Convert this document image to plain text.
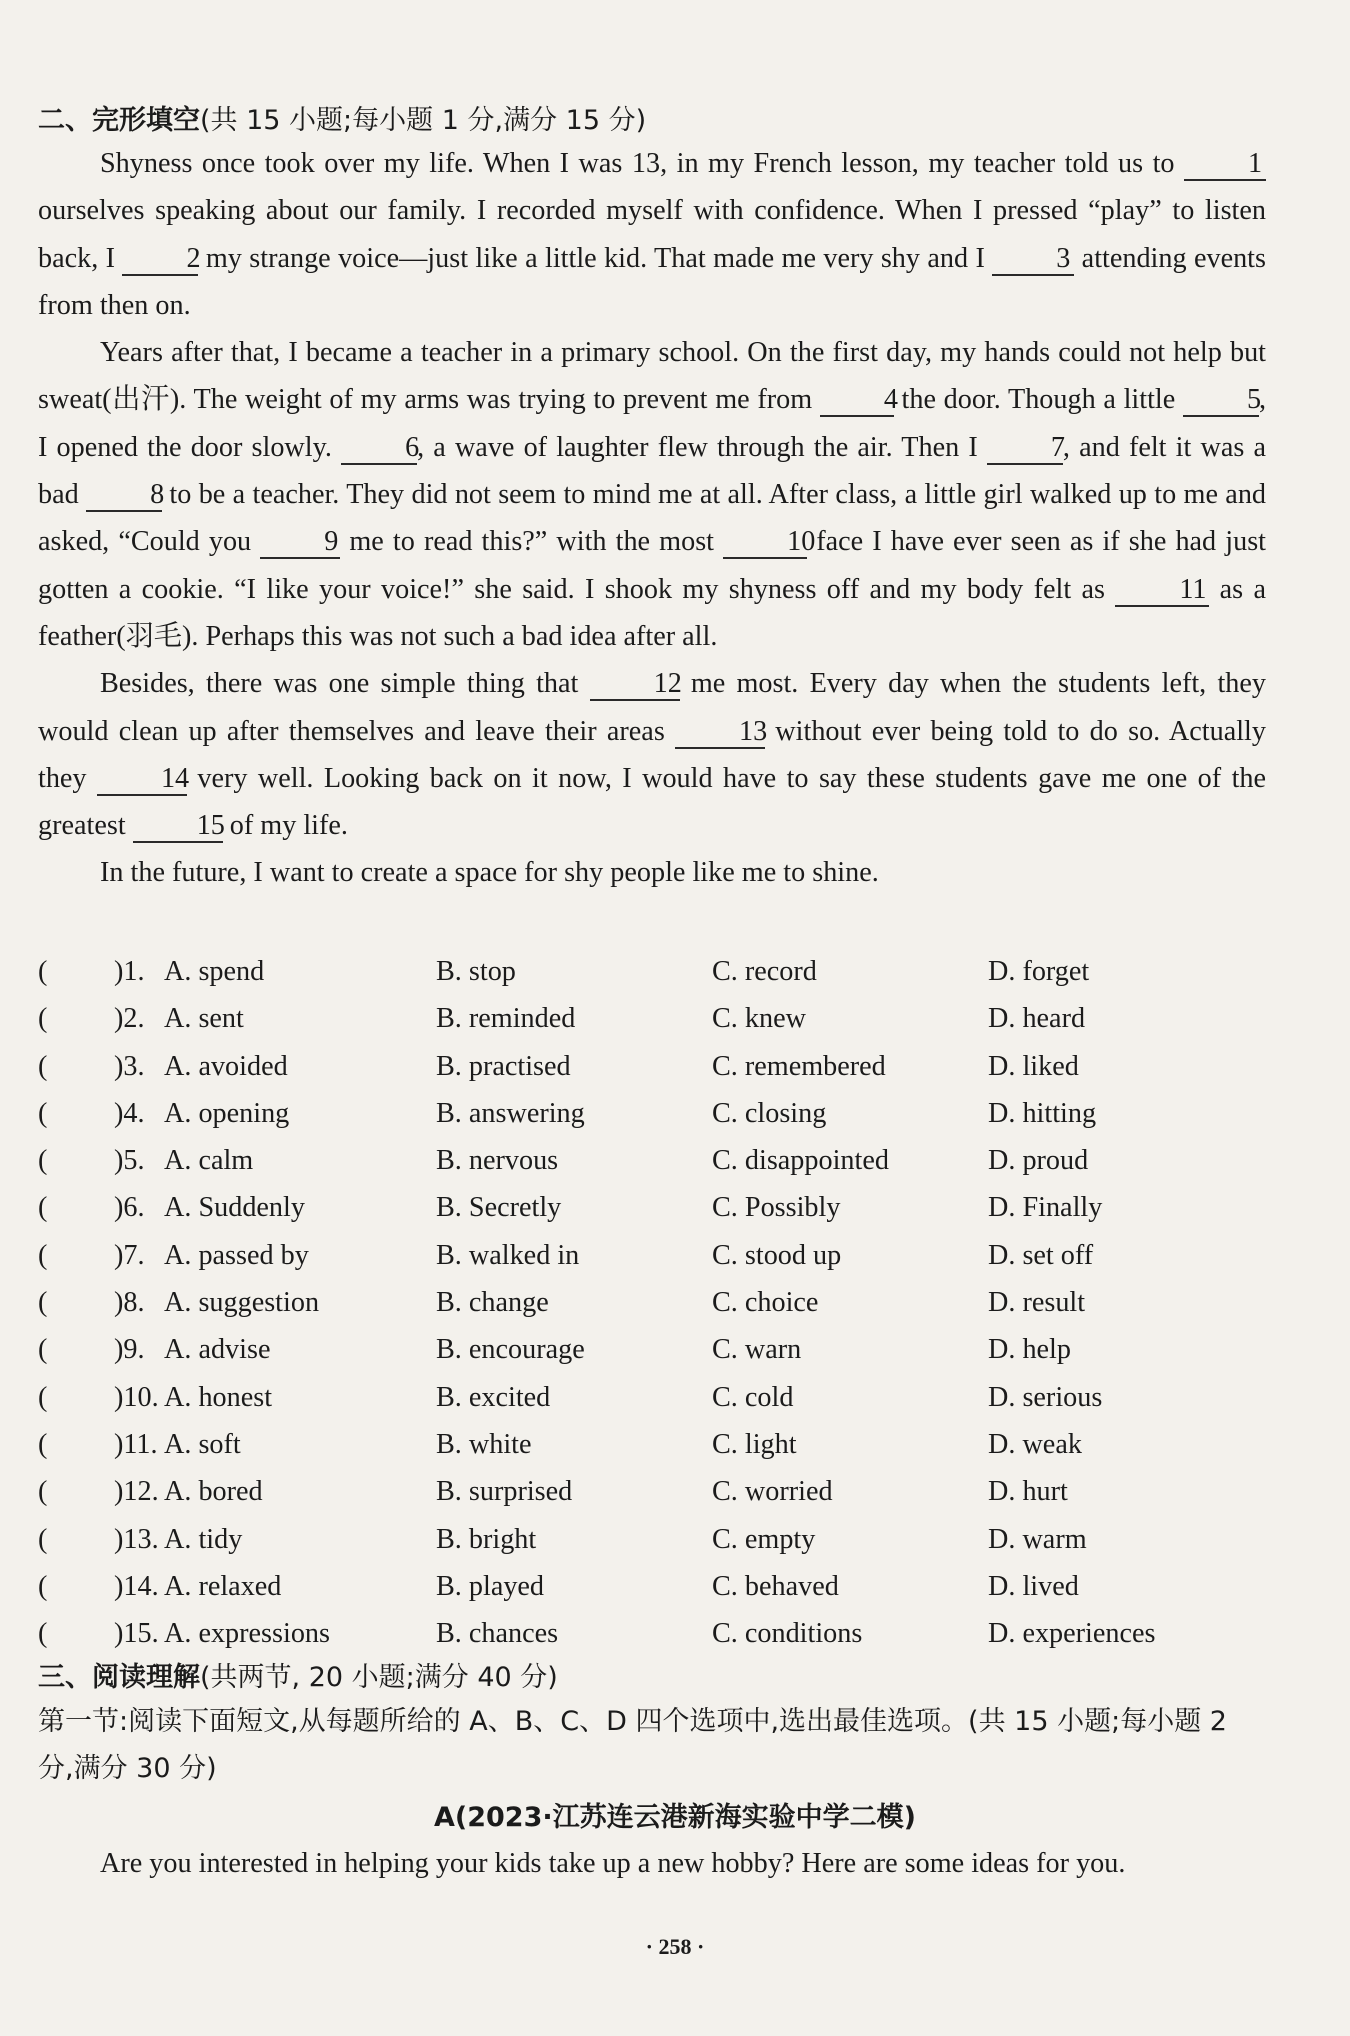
二、完形填空(共 15 小题;每小题 1 分,满分 15 分)

Shyness once took over my life. When I was 13, in my French lesson, my teacher told us to 1 ourselves speaking about our family. I recorded myself with confidence. When I pressed “play” to listen back, I 2 my strange voice—just like a little kid. That made me very shy and I 3 attending events from then on.

Years after that, I became a teacher in a primary school. On the first day, my hands could not help but sweat(出汗). The weight of my arms was trying to prevent me from 4 the door. Though a little 5, I opened the door slowly. 6, a wave of laughter flew through the air. Then I 7, and felt it was a bad 8 to be a teacher. They did not seem to mind me at all. After class, a little girl walked up to me and asked, “Could you 9 me to read this?” with the most 10 face I have ever seen as if she had just gotten a cookie. “I like your voice!” she said. I shook my shyness off and my body felt as 11 as a feather(羽毛). Perhaps this was not such a bad idea after all.

Besides, there was one simple thing that 12 me most. Every day when the students left, they would clean up after themselves and leave their areas 13 without ever being told to do so. Actually they 14 very well. Looking back on it now, I would have to say these students gave me one of the greatest 15 of my life.

In the future, I want to create a space for shy people like me to shine.

( )1. A. spend	B. stop	C. record	D. forget
( )2. A. sent	B. reminded	C. knew	D. heard
( )3. A. avoided	B. practised	C. remembered	D. liked
( )4. A. opening	B. answering	C. closing	D. hitting
( )5. A. calm	B. nervous	C. disappointed	D. proud
( )6. A. Suddenly	B. Secretly	C. Possibly	D. Finally
( )7. A. passed by	B. walked in	C. stood up	D. set off
( )8. A. suggestion	B. change	C. choice	D. result
( )9. A. advise	B. encourage	C. warn	D. help
( )10. A. honest	B. excited	C. cold	D. serious
( )11. A. soft	B. white	C. light	D. weak
( )12. A. bored	B. surprised	C. worried	D. hurt
( )13. A. tidy	B. bright	C. empty	D. warm
( )14. A. relaxed	B. played	C. behaved	D. lived
( )15. A. expressions	B. chances	C. conditions	D. experiences
三、阅读理解(共两节, 20 小题;满分 40 分)
第一节:阅读下面短文,从每题所给的 A、B、C、D 四个选项中,选出最佳选项。(共 15 小题;每小题 2 分,满分 30 分)
A(2023·江苏连云港新海实验中学二模)

Are you interested in helping your kids take up a new hobby? Here are some ideas for you.

· 258 ·
